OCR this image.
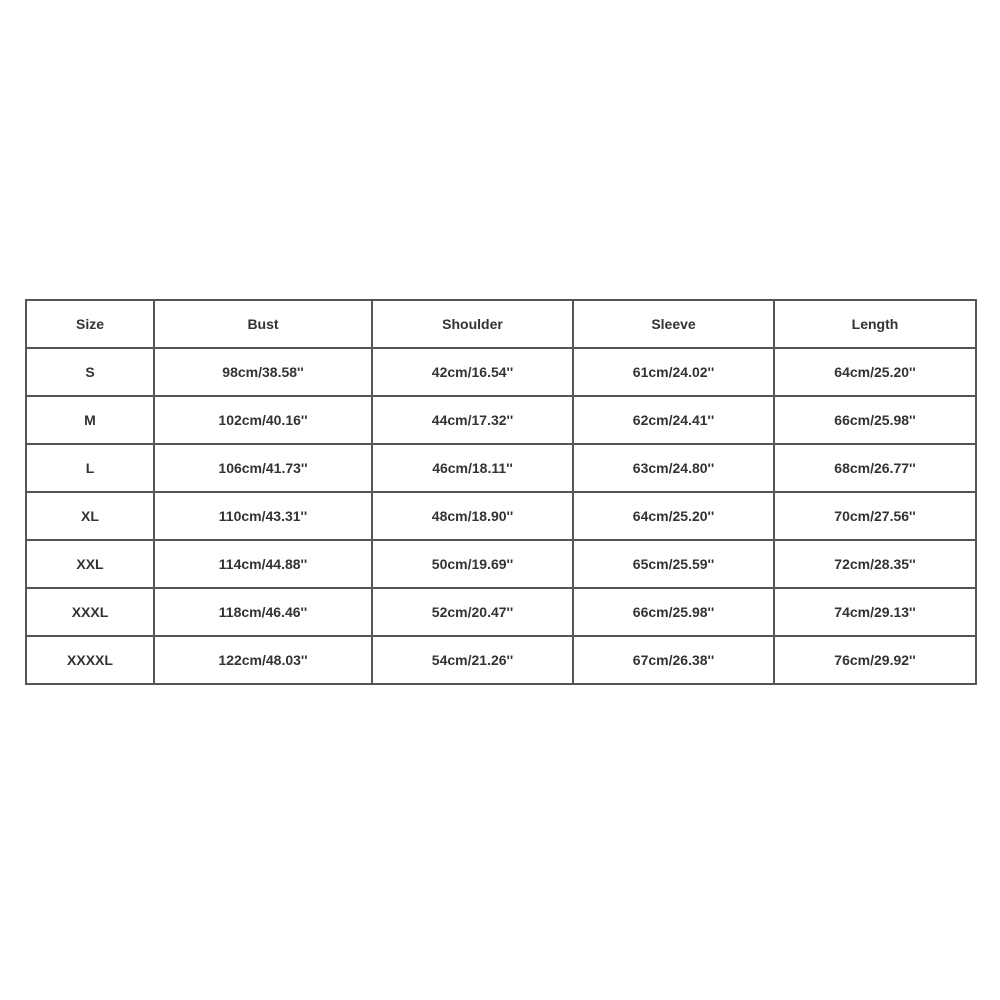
Size	Bust	Shoulder	Sleeve	Length
S	98cm/38.58''	42cm/16.54''	61cm/24.02''	64cm/25.20''
M	102cm/40.16''	44cm/17.32''	62cm/24.41''	66cm/25.98''
L	106cm/41.73''	46cm/18.11''	63cm/24.80''	68cm/26.77''
XL	110cm/43.31''	48cm/18.90''	64cm/25.20''	70cm/27.56''
XXL	114cm/44.88''	50cm/19.69''	65cm/25.59''	72cm/28.35''
XXXL	118cm/46.46''	52cm/20.47''	66cm/25.98''	74cm/29.13''
XXXXL	122cm/48.03''	54cm/21.26''	67cm/26.38''	76cm/29.92''
